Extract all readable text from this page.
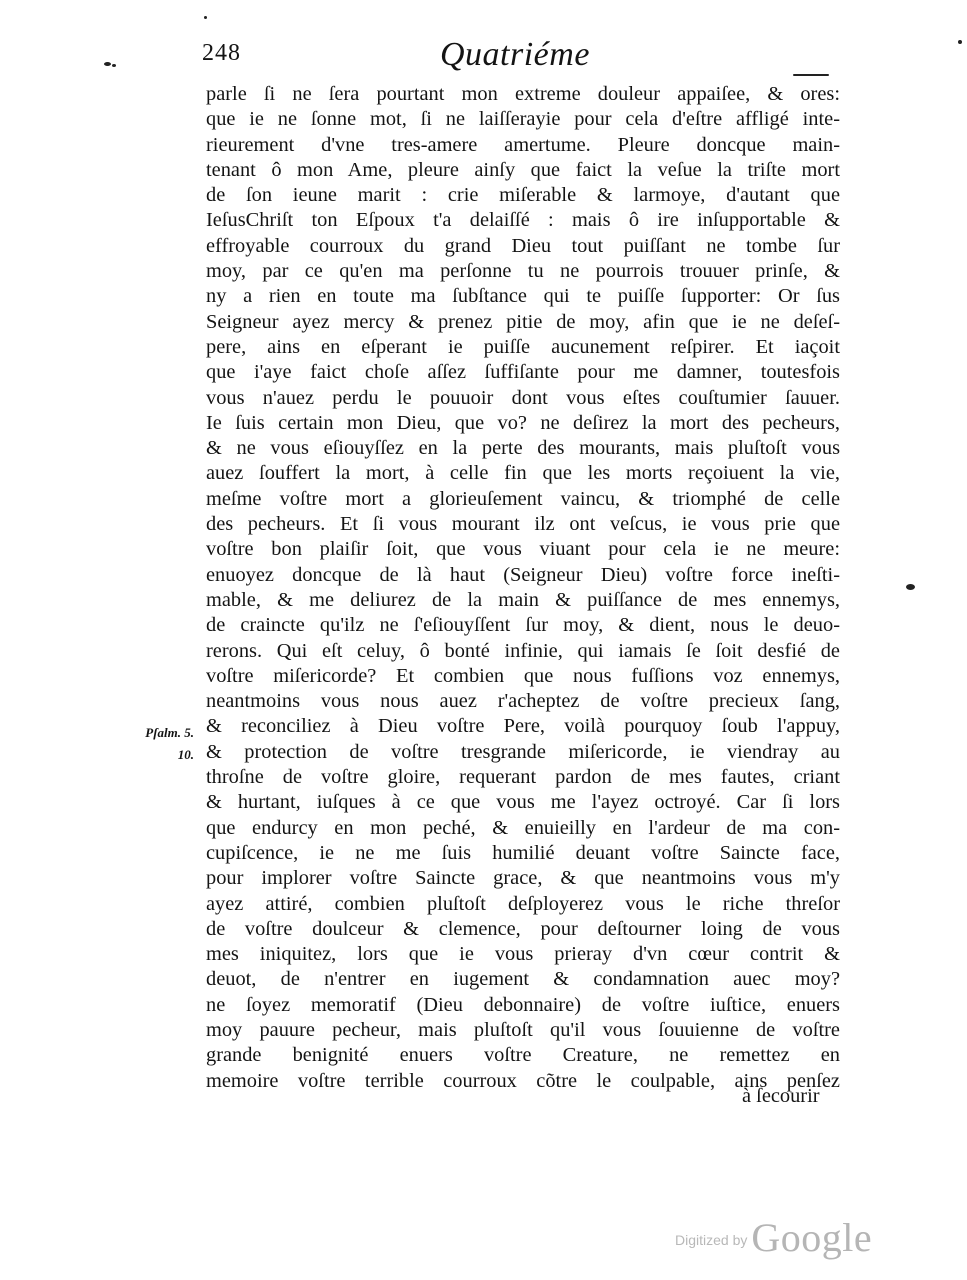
248	Quatriéme
parle ſi ne ſera pourtant mon extreme douleur appaiſee, & ores:
que ie ne ſonne mot, ſi ne laiſſerayie pour cela d'eſtre affligé inte-
rieurement d'vne tres-amere amertume. Pleure doncque main-
tenant ô mon Ame, pleure ainſy que faict la veſue la triſte mort
de ſon ieune marit : crie miſerable & larmoye, d'autant que
IeſusChriſt ton Eſpoux t'a delaiſſé : mais ô ire inſupportable &
effroyable courroux du grand Dieu tout puiſſant ne tombe ſur
moy, par ce qu'en ma perſonne tu ne pourrois trouuer prinſe, &
ny a rien en toute ma ſubſtance qui te puiſſe ſupporter: Or ſus
Seigneur ayez mercy & prenez pitie de moy, afin que ie ne deſeſ-
pere, ains en eſperant ie puiſſe aucunement reſpirer. Et iaçoit
que i'aye faict choſe aſſez ſuffiſante pour me damner, toutesfois
vous n'auez perdu le pouuoir dont vous eſtes couſtumier ſauuer.
Ie ſuis certain mon Dieu, que vo? ne deſirez la mort des pecheurs,
& ne vous eſiouyſſez en la perte des mourants, mais pluſtoſt vous
auez ſouffert la mort, à celle fin que les morts reçoiuent la vie,
meſme voſtre mort a glorieuſement vaincu, & triomphé de celle
des pecheurs. Et ſi vous mourant ilz ont veſcus, ie vous prie que
voſtre bon plaiſir ſoit, que vous viuant pour cela ie ne meure:
enuoyez doncque de là haut (Seigneur Dieu) voſtre force ineſti-
mable, & me deliurez de la main & puiſſance de mes ennemys,
de craincte qu'ilz ne ſ'eſiouyſſent ſur moy, & dient, nous le deuo-
rerons. Qui eſt celuy, ô bonté infinie, qui iamais ſe ſoit desfié de
voſtre miſericorde? Et combien que nous fuſſions voz ennemys,
neantmoins vous nous auez r'acheptez de voſtre precieux ſang,
& reconciliez à Dieu voſtre Pere, voilà pourquoy ſoub l'appuy,
& protection de voſtre tresgrande miſericorde, ie viendray au
throſne de voſtre gloire, requerant pardon de mes fautes, criant
& hurtant, iuſques à ce que vous me l'ayez octroyé. Car ſi lors
que endurcy en mon peché, & enuieilly en l'ardeur de ma con-
cupiſcence, ie ne me ſuis humilié deuant voſtre Saincte face,
pour implorer voſtre Saincte grace, & que neantmoins vous m'y
ayez attiré, combien pluſtoſt deſployerez vous le riche threſor
de voſtre doulceur & clemence, pour deſtourner loing de vous
mes iniquitez, lors que ie vous prieray d'vn cœur contrit &
deuot, de n'entrer en iugement & condamnation auec moy?
ne ſoyez memoratif (Dieu debonnaire) de voſtre iuſtice, enuers
moy pauure pecheur, mais pluſtoſt qu'il vous ſouuienne de voſtre
grande benignité enuers voſtre Creature, ne remettez en
memoire voſtre terrible courroux cõtre le coulpable, ains penſez
à ſecourir
Pſalm. 5.
10.
Digitized by Google
